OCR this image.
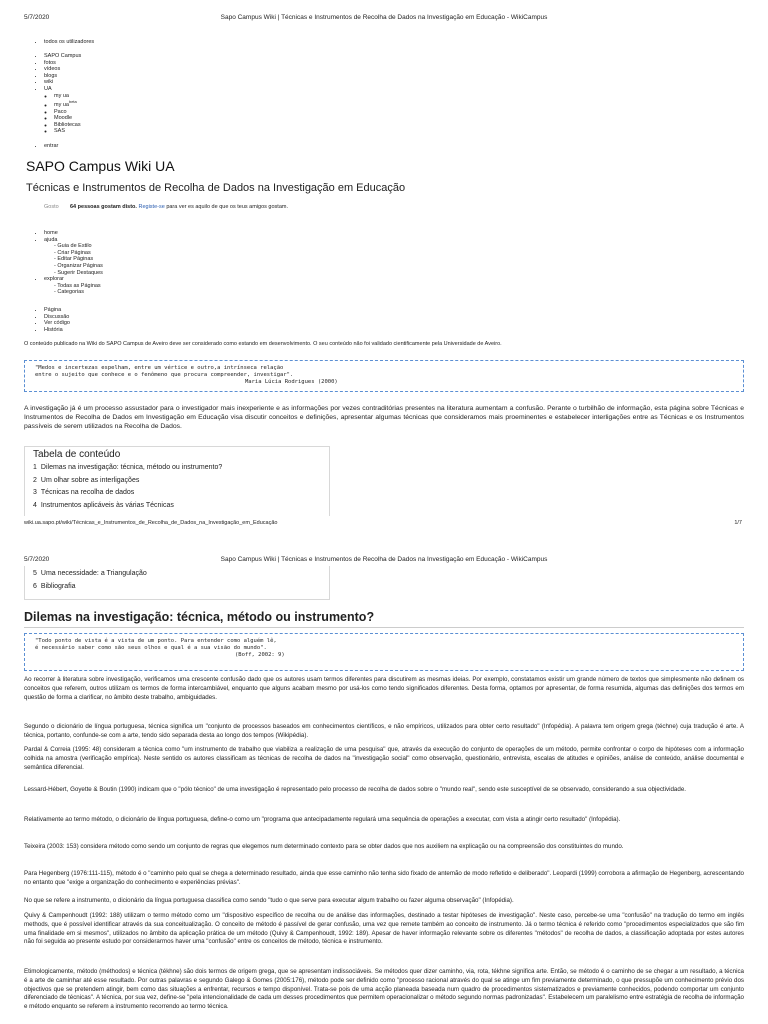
5/7/2020	Sapo Campus Wiki | Técnicas e Instrumentos de Recolha de Dados na Investigação em Educação - WikiCampus
• todos os utilizadores
• SAPO Campus
• fotos
• vídeos
• blogs
• wiki
• UA
◦ my ua
◦ my $ua^{beta}$
◦ Paco
◦ Moodle
◦ Bibliotecas
◦ SAS
• entrar
SAPO Campus Wiki UA
Técnicas e Instrumentos de Recolha de Dados na Investigação em Educação
Gosto 64 pessoas gostam disto. Registe-se para ver es aquilo de que os teus amigos gostam.
• home
• ajuda
- Guia de Estilo
- Criar Páginas
- Editar Páginas
- Organizar Páginas
- Sugerir Destaques
• explorar
- Todas as Páginas
- Categorias
• Página
• Discussão
• Ver código
• História
O conteúdo publicado na Wiki do SAPO Campus de Aveiro deve ser considerado como estando em desenvolvimento. O seu conteúdo não foi validado cientificamente pela Universidade de Aveiro.
"Medos e incertezas espelham, entre um vértice e outro,a intrínseca relação
entre o sujeito que conhece e o fenômeno que procura compreender, investigar".
Maria Lúcia Rodrigues (2000)
A investigação já é um processo assustador para o investigador mais inexperiente e as informações por vezes contraditórias presentes na literatura aumentam a confusão. Perante o turbilhão de informação, esta página sobre Técnicas e Instrumentos de Recolha de Dados em Investigação em Educação visa discutir conceitos e definições, apresentar algumas técnicas que consideramos mais proeminentes e estabelecer interligações entre as Técnicas e os Instrumentos passíveis de serem utilizados na Recolha de Dados.
Tabela de conteúdo
1 Dilemas na investigação: técnica, método ou instrumento?
2 Um olhar sobre as interligações
3 Técnicas na recolha de dados
4 Instrumentos aplicáveis às várias Técnicas
wiki.ua.sapo.pt/wiki/Técnicas_e_Instrumentos_de_Recolha_de_Dados_na_Investigação_em_Educação	1/7
5/7/2020	Sapo Campus Wiki | Técnicas e Instrumentos de Recolha de Dados na Investigação em Educação - WikiCampus
5 Uma necessidade: a Triangulação
6 Bibliografia
Dilemas na investigação: técnica, método ou instrumento?
"Todo ponto de vista é a vista de um ponto. Para entender como alguém lê,
é necessário saber como são seus olhos e qual é a sua visão do mundo".
(Boff, 2002: 9)
Ao recorrer à literatura sobre investigação, verificamos uma crescente confusão dado que os autores usam termos diferentes para discutirem as mesmas ideias. Por exemplo, constatamos existir um grande número de textos que simplesmente não definem os conceitos que referem, outros utilizam os termos de forma intercambiável, enquanto que alguns acabam mesmo por usá-los como tendo significados diferentes. Desta forma, optamos por apresentar, de forma resumida, algumas das definições dos termos em questão de forma a clarificar, no âmbito deste trabalho, ambiguidades.
Segundo o dicionário de língua portuguesa, técnica significa um "conjunto de processos baseados em conhecimentos científicos, e não empíricos, utilizados para obter certo resultado" (Infopédia). A palavra tem origem grega (téchne) cuja tradução é arte. A técnica, portanto, confunde-se com a arte, tendo sido separada desta ao longo dos tempos (Wikipédia).
Pardal & Correia (1995: 48) consideram a técnica como "um instrumento de trabalho que viabiliza a realização de uma pesquisa" que, através da execução do conjunto de operações de um método, permite confrontar o corpo de hipóteses com a informação colhida na amostra (verificação empírica). Neste sentido os autores classificam as técnicas de recolha de dados na "investigação social" como observação, questionário, entrevista, escalas de atitudes e opiniões, análise de conteúdo, análise documental e semântica diferencial.
Lessard-Hébert, Goyette & Boutin (1990) indicam que o "pólo técnico" de uma investigação é representado pelo processo de recolha de dados sobre o "mundo real", sendo este susceptível de se observado, considerando a sua objectividade.
Relativamente ao termo método, o dicionário de língua portuguesa, define-o como um "programa que antecipadamente regulará uma sequência de operações a executar, com vista a atingir certo resultado" (Infopédia).
Teixeira (2003: 153) considera método como sendo um conjunto de regras que elegemos num determinado contexto para se obter dados que nos auxiliem na explicação ou na compreensão dos constituintes do mundo.
Para Hegenberg (1976:111-115), método é o "caminho pelo qual se chega a determinado resultado, ainda que esse caminho não tenha sido fixado de antemão de modo refletido e deliberado". Leopardi (1999) corrobora a afirmação de Hegenberg, acrescentando no entanto que "exige a organização do conhecimento e experiências prévias".
No que se refere a instrumento, o dicionário da língua portuguesa classifica como sendo "tudo o que serve para executar algum trabalho ou fazer alguma observação" (Infopédia).
Quivy & Campenhoudt (1992: 188) utilizam o termo método como um "dispositivo específico de recolha ou de análise das informações, destinado a testar hipóteses de investigação". Neste caso, percebe-se uma "confusão" na tradução do termo em inglês methods, que é possível identificar através da sua conceitualização. O conceito de método é passível de gerar confusão, uma vez que remete também ao conceito de instrumento. Já o termo técnica é referido como "procedimentos especializados que são fim uma finalidade em si mesmos", utilizados no âmbito da aplicação prática de um método (Quivy & Campenhoudt, 1992: 189). Apesar de haver informação relevante sobre os diferentes "métodos" de recolha de dados, a classificação adoptada por estes autores não foi seguida ao presente estudo por considerarmos haver uma "confusão" entre os conceitos de método, técnica e instrumento.
Etimologicamente, método (méthodos) e técnica (tékhne) são dois termos de origem grega, que se apresentam indissociáveis. Se métodos quer dizer caminho, via, rota, tékhne significa arte. Então, se método é o caminho de se chegar a um resultado, a técnica é a arte de caminhar até esse resultado. Por outras palavras e segundo Galego & Gomes (2005:176), método pode ser definido como "processo racional através do qual se atinge um fim previamente determinado, o que pressupõe um conhecimento prévio dos objectivos que se pretendem atingir, bem como das situações a enfrentar, recursos e tempo disponível. Trata-se pois de uma acção planeada baseada num quadro de procedimentos sistematizados e previamente conhecidos, podendo comportar um conjunto diferenciado de técnicas". A técnica, por sua vez, define-se "pela intencionalidade de cada um desses procedimentos que permitem operacionalizar o método segundo normas padronizadas". Estabelecem um paralelismo entre estratégia de recolha de informação e método enquanto se referem a instrumento recorrendo ao termo técnica.
